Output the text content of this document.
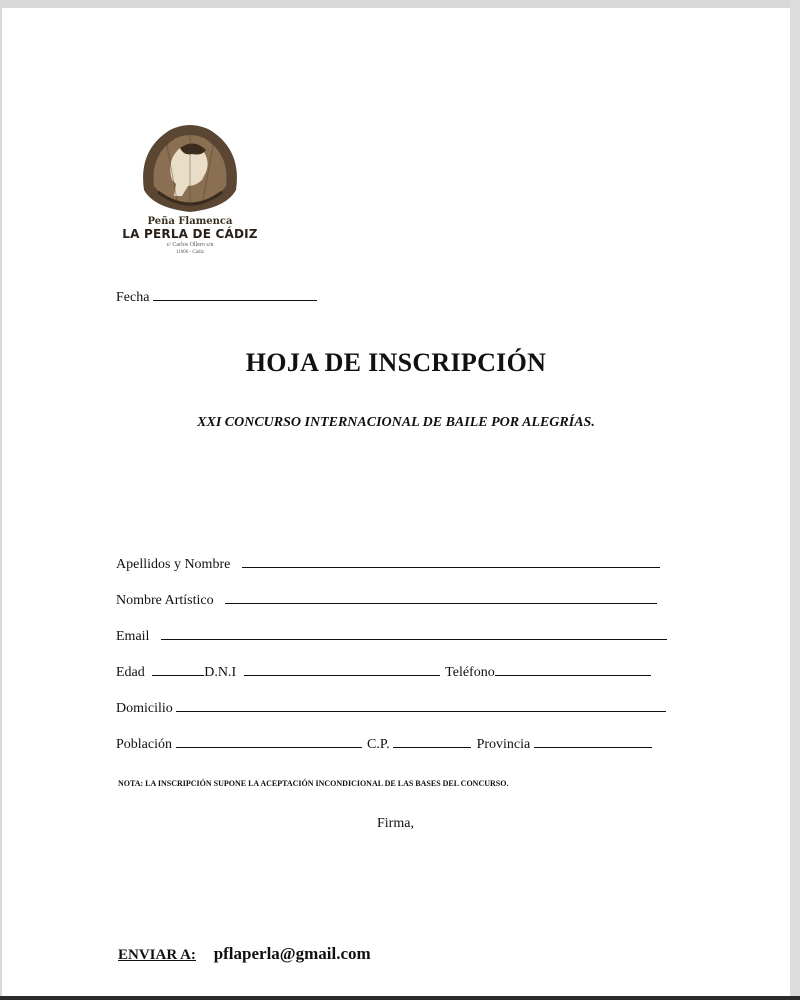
Peña Flamenca
LA PERLA DE CÁDIZ
c/ Carlos Ollero s/n
11006 - Cádiz
Fecha
HOJA DE INSCRIPCIÓN
XXI CONCURSO INTERNACIONAL DE BAILE POR ALEGRÍAS.
Apellidos y Nombre
Nombre Artístico
Email
Edad	D.N.I	Teléfono
Domicilio
Población	C.P.	Provincia
NOTA: LA INSCRIPCIÓN SUPONE LA ACEPTACIÓN INCONDICIONAL DE LAS BASES DEL CONCURSO.
Firma,
ENVIAR A: pflaperla@gmail.com
